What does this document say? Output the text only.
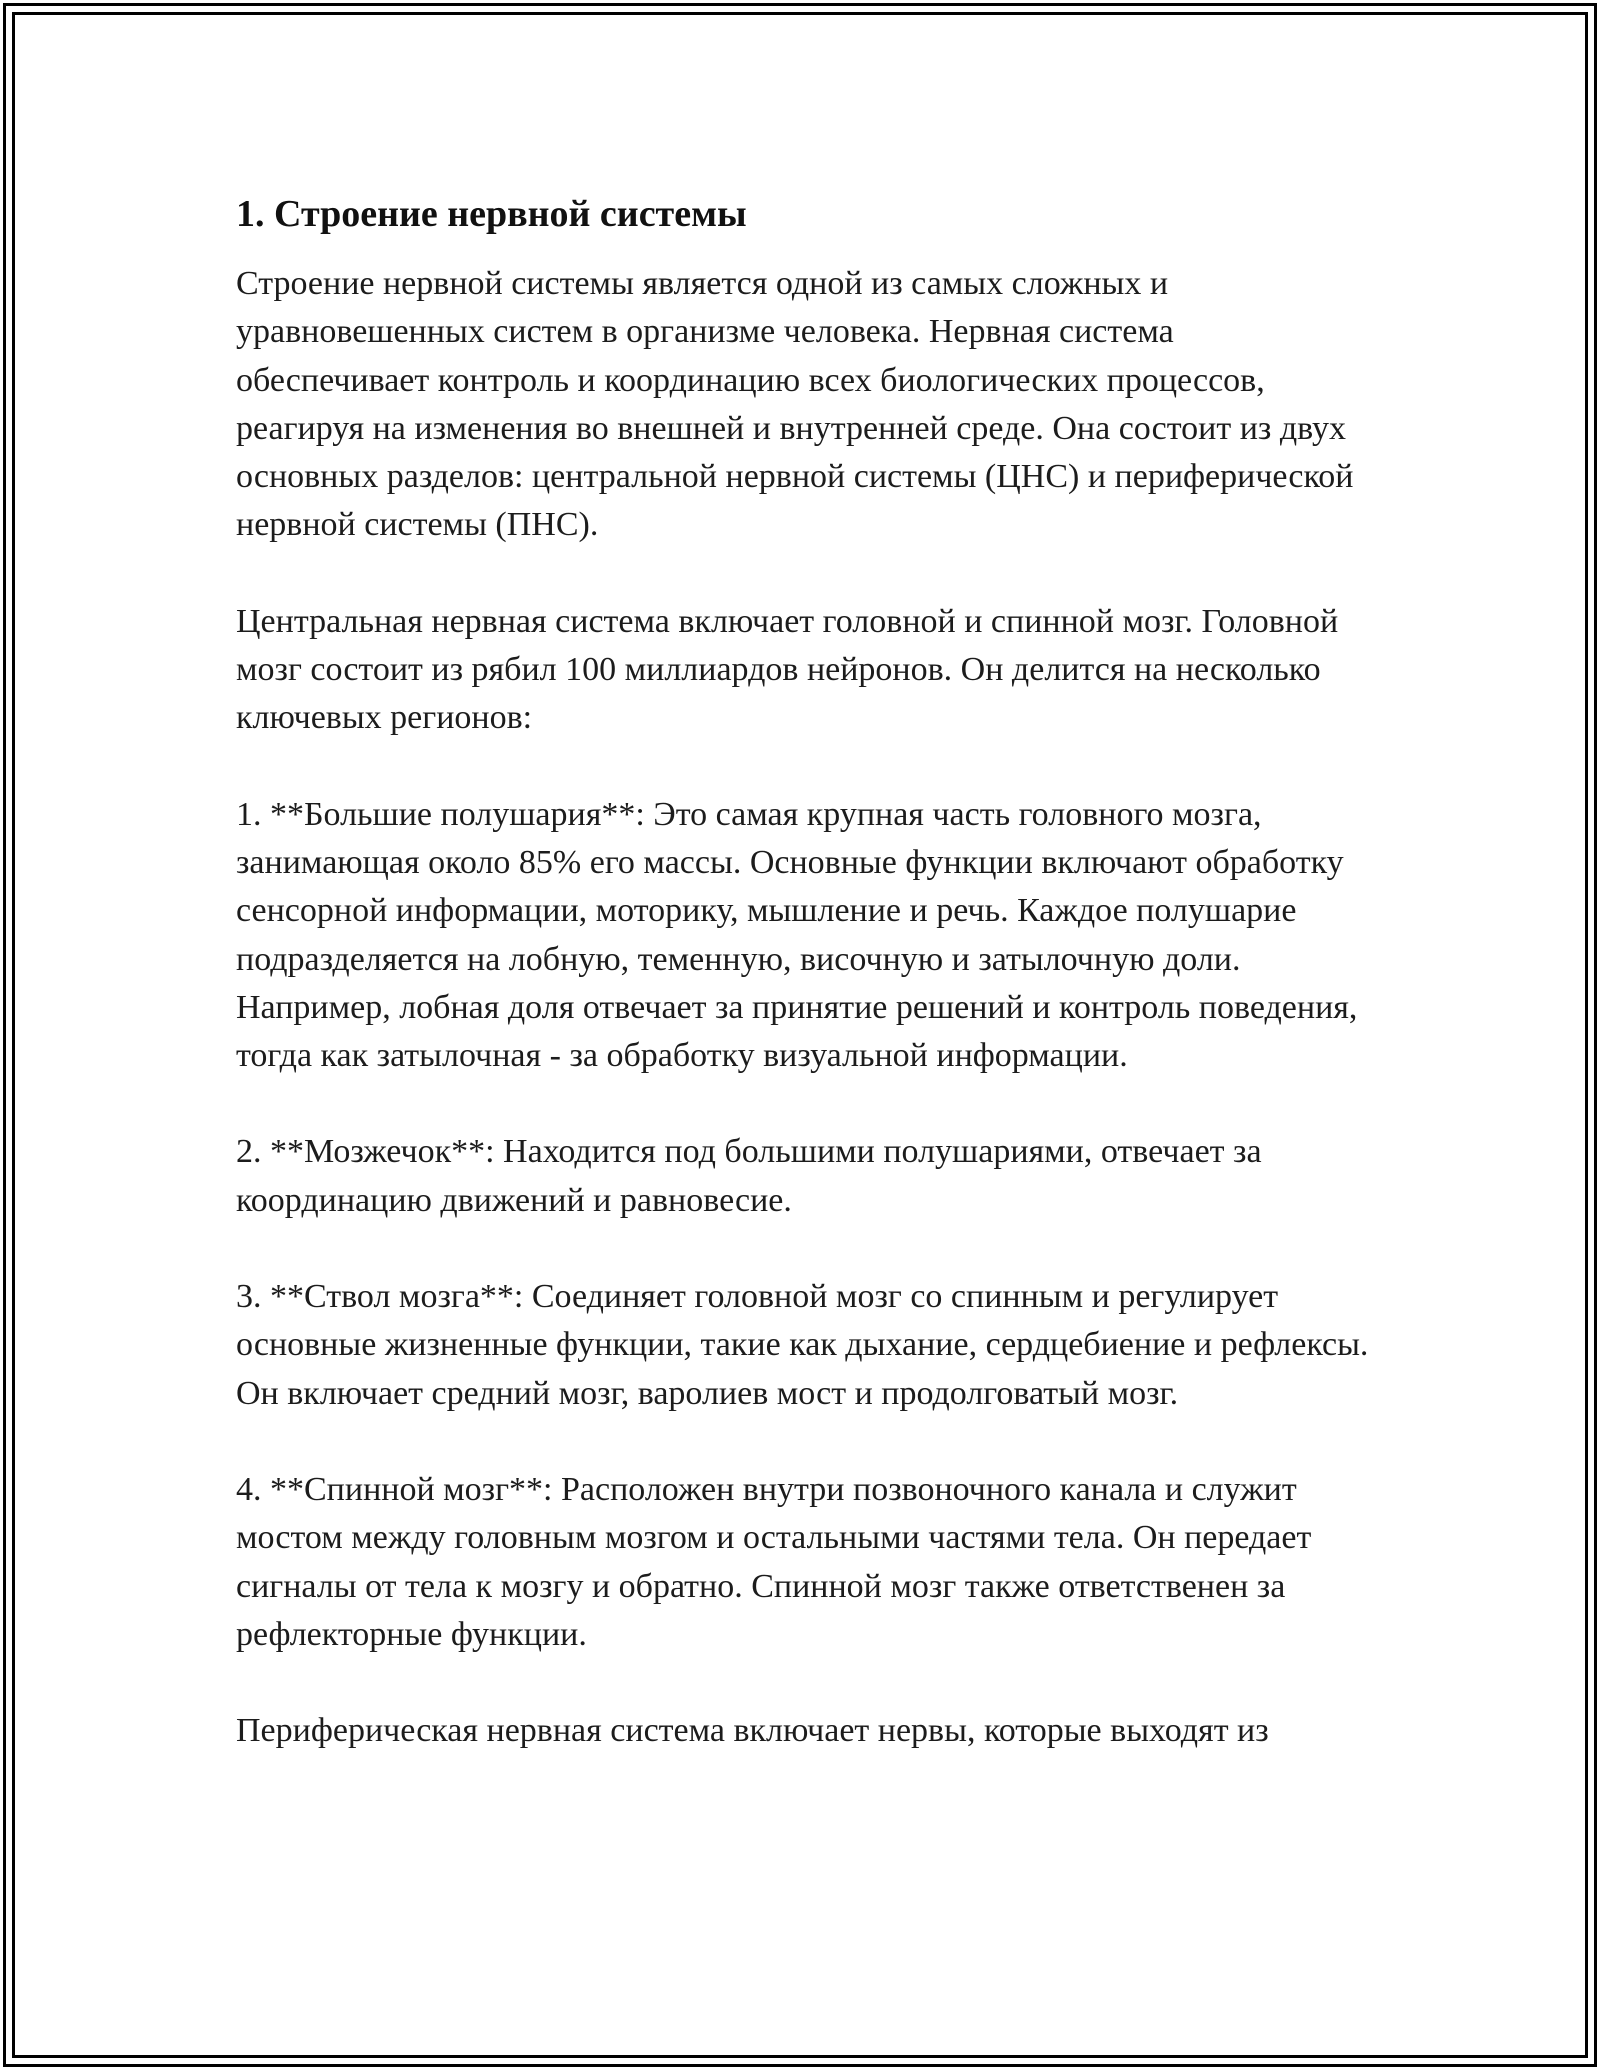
1. Строение нервной системы

Строение нервной системы является одной из самых сложных и уравновешенных систем в организме человека. Нервная система обеспечивает контроль и координацию всех биологических процессов, реагируя на изменения во внешней и внутренней среде. Она состоит из двух основных разделов: центральной нервной системы (ЦНС) и периферической нервной системы (ПНС).

Центральная нервная система включает головной и спинной мозг. Головной мозг состоит из рябил 100 миллиардов нейронов. Он делится на несколько ключевых регионов:

1. **Большие полушария**: Это самая крупная часть головного мозга, занимающая около 85% его массы. Основные функции включают обработку сенсорной информации, моторику, мышление и речь. Каждое полушарие подразделяется на лобную, теменную, височную и затылочную доли. Например, лобная доля отвечает за принятие решений и контроль поведения, тогда как затылочная - за обработку визуальной информации.

2. **Мозжечок**: Находится под большими полушариями, отвечает за координацию движений и равновесие.

3. **Ствол мозга**: Соединяет головной мозг со спинным и регулирует основные жизненные функции, такие как дыхание, сердцебиение и рефлексы. Он включает средний мозг, варолиев мост и продолговатый мозг.

4. **Спинной мозг**: Расположен внутри позвоночного канала и служит мостом между головным мозгом и остальными частями тела. Он передает сигналы от тела к мозгу и обратно. Спинной мозг также ответственен за рефлекторные функции.

Периферическая нервная система включает нервы, которые выходят из
